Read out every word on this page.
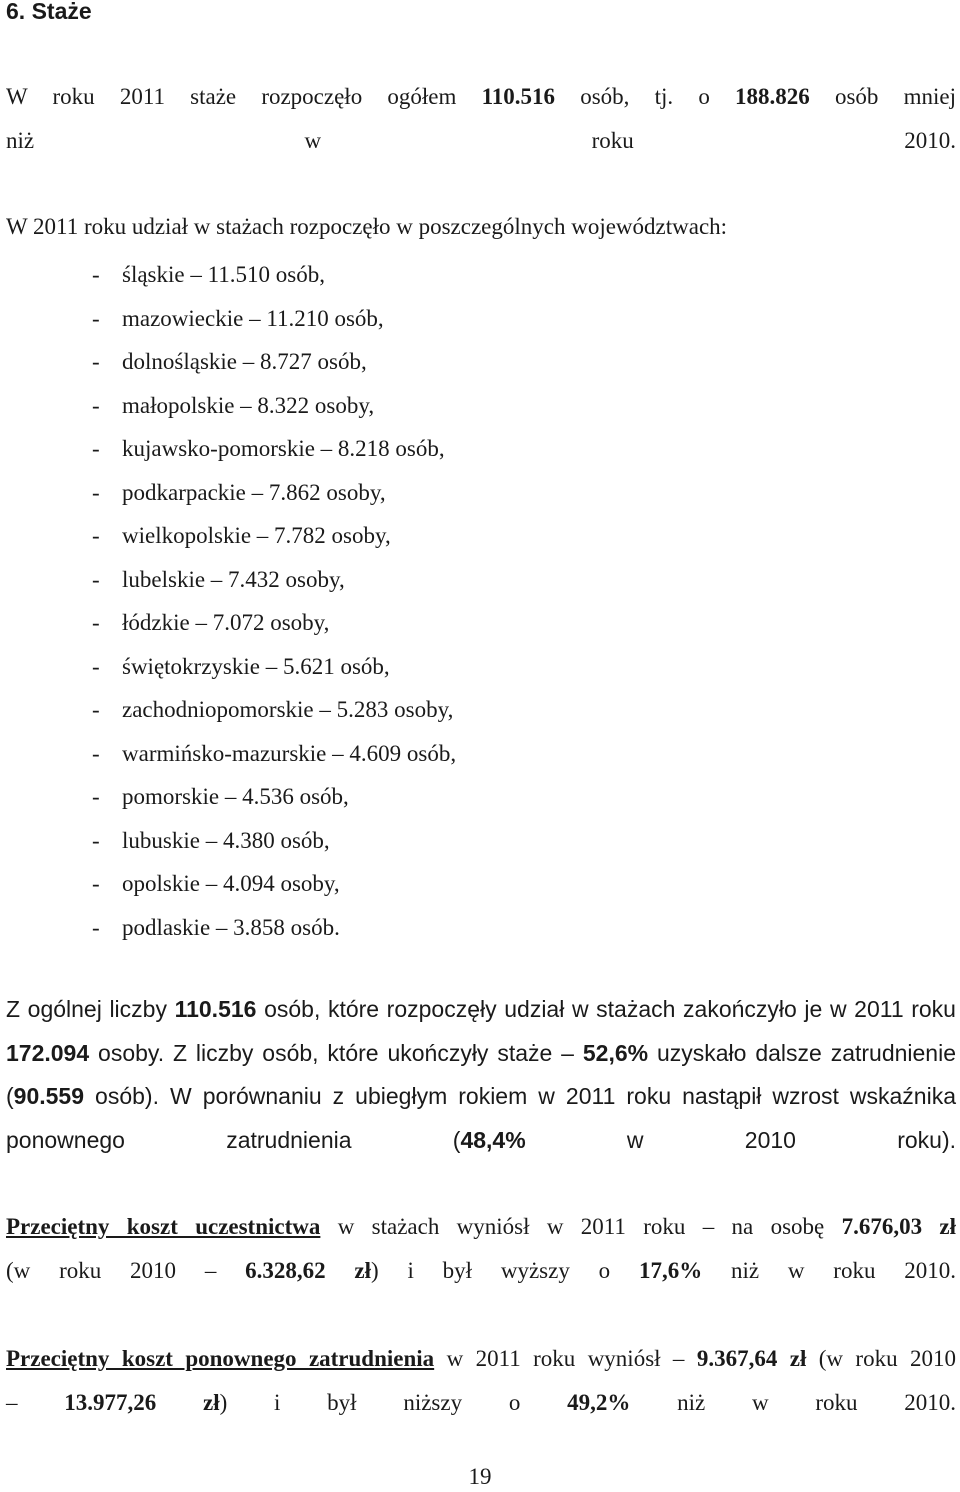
6. Staże
W roku 2011 staże rozpoczęło ogółem 110.516 osób, tj. o 188.826 osób mniej
niż w roku 2010.

W 2011 roku udział w stażach rozpoczęło w poszczególnych województwach:

- śląskie – 11.510 osób,
- mazowieckie – 11.210 osób,
- dolnośląskie – 8.727 osób,
- małopolskie – 8.322 osoby,
- kujawsko-pomorskie – 8.218 osób,
- podkarpackie – 7.862 osoby,
- wielkopolskie – 7.782 osoby,
- lubelskie – 7.432 osoby,
- łódzkie – 7.072 osoby,
- świętokrzyskie – 5.621 osób,
- zachodniopomorskie – 5.283 osoby,
- warmińsko-mazurskie – 4.609 osób,
- pomorskie – 4.536 osób,
- lubuskie – 4.380 osób,
- opolskie – 4.094 osoby,
- podlaskie – 3.858 osób.
Z ogólnej liczby 110.516 osób, które rozpoczęły udział w stażach zakończyło je w 2011 roku
172.094 osoby. Z liczby osób, które ukończyły staże – 52,6% uzyskało dalsze zatrudnienie
(90.559 osób). W porównaniu z ubiegłym rokiem w 2011 roku nastąpił wzrost wskaźnika
ponownego zatrudnienia (48,4% w 2010 roku).
Przeciętny koszt uczestnictwa w stażach wyniósł w 2011 roku – na osobę 7.676,03 zł
(w roku 2010 – 6.328,62 zł) i był wyższy o 17,6% niż w roku 2010.
Przeciętny koszt ponownego zatrudnienia w 2011 roku wyniósł – 9.367,64 zł (w roku 2010
– 13.977,26 zł) i był niższy o 49,2% niż w roku 2010.
19
